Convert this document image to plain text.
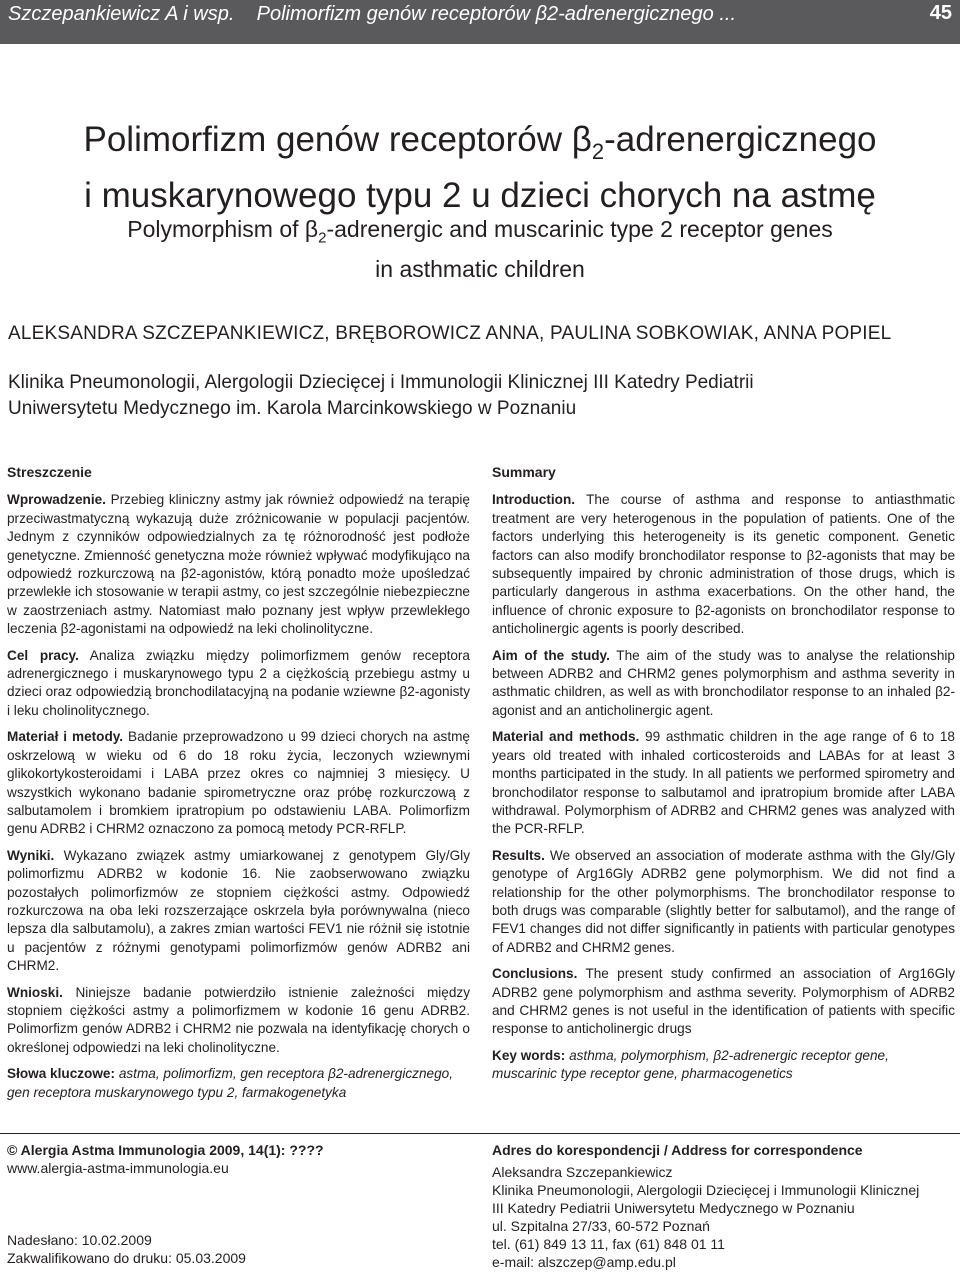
Szczepankiewicz A i wsp.    Polimorfizm genów receptorów β2-adrenergicznego ...	45
Polimorfizm genów receptorów $\beta_2$-adrenergicznego
i muskarynowego typu 2 u dzieci chorych na astmę
Polymorphism of $\beta_2$-adrenergic and muscarinic type 2 receptor genes
in asthmatic children
ALEKSANDRA SZCZEPANKIEWICZ, BRĘBOROWICZ ANNA, PAULINA SOBKOWIAK, ANNA POPIEL
Klinika Pneumonologii, Alergologii Dziecięcej i Immunologii Klinicznej III Katedry Pediatrii
Uniwersytetu Medycznego im. Karola Marcinkowskiego w Poznaniu
Streszczenie

Wprowadzenie. Przebieg kliniczny astmy jak również odpowiedź na terapię przeciwastmatyczną wykazują duże zróżnicowanie w populacji pacjentów. Jednym z czynników odpowiedzialnych za tę różnorodność jest podłoże genetyczne. Zmienność genetyczna może również wpływać modyfikująco na odpowiedź rozkurczową na β2-agonistów, którą ponadto może upośledzać przewlekłe ich stosowanie w terapii astmy, co jest szczególnie niebezpieczne w zaostrzeniach astmy. Natomiast mało poznany jest wpływ przewlekłego leczenia β2-agonistami na odpowiedź na leki cholinolityczne.

Cel pracy. Analiza związku między polimorfizmem genów receptora adrenergicznego i muskarynowego typu 2 a ciężkością przebiegu astmy u dzieci oraz odpowiedzią bronchodilatacyjną na podanie wziewne β2-agonisty i leku cholinolitycznego.

Materiał i metody. Badanie przeprowadzono u 99 dzieci chorych na astmę oskrzelową w wieku od 6 do 18 roku życia, leczonych wziewnymi glikokortykosteroidami i LABA przez okres co najmniej 3 miesięcy. U wszystkich wykonano badanie spirometryczne oraz próbę rozkurczową z salbutamolem i bromkiem ipratropium po odstawieniu LABA. Polimorfizm genu ADRB2 i CHRM2 oznaczono za pomocą metody PCR-RFLP.

Wyniki. Wykazano związek astmy umiarkowanej z genotypem Gly/Gly polimorfizmu ADRB2 w kodonie 16. Nie zaobserwowano związku pozostałych polimorfizmów ze stopniem ciężkości astmy. Odpowiedź rozkurczowa na oba leki rozszerzające oskrzela była porównywalna (nieco lepsza dla salbutamolu), a zakres zmian wartości FEV1 nie różnił się istotnie u pacjentów z różnymi genotypami polimorfizmów genów ADRB2 ani CHRM2.

Wnioski. Niniejsze badanie potwierdziło istnienie zależności między stopniem ciężkości astmy a polimorfizmem w kodonie 16 genu ADRB2. Polimorfizm genów ADRB2 i CHRM2 nie pozwala na identyfikację chorych o określonej odpowiedzi na leki cholinolityczne.

Słowa kluczowe: astma, polimorfizm, gen receptora β2-adrenergicznego, gen receptora muskarynowego typu 2, farmakogenetyka

Summary

Introduction. The course of asthma and response to antiasthmatic treatment are very heterogenous in the population of patients. One of the factors underlying this heterogeneity is its genetic component. Genetic factors can also modify bronchodilator response to β2-agonists that may be subsequently impaired by chronic administration of those drugs, which is particularly dangerous in asthma exacerbations. On the other hand, the influence of chronic exposure to β2-agonists on bronchodilator response to anticholinergic agents is poorly described.

Aim of the study. The aim of the study was to analyse the relationship between ADRB2 and CHRM2 genes polymorphism and asthma severity in asthmatic children, as well as with bronchodilator response to an inhaled β2-agonist and an anticholinergic agent.

Material and methods. 99 asthmatic children in the age range of 6 to 18 years old treated with inhaled corticosteroids and LABAs for at least 3 months participated in the study. In all patients we performed spirometry and bronchodilator response to salbutamol and ipratropium bromide after LABA withdrawal. Polymorphism of ADRB2 and CHRM2 genes was analyzed with the PCR-RFLP.

Results. We observed an association of moderate asthma with the Gly/Gly genotype of Arg16Gly ADRB2 gene polymorphism. We did not find a relationship for the other polymorphisms. The bronchodilator response to both drugs was comparable (slightly better for salbutamol), and the range of FEV1 changes did not differ significantly in patients with particular genotypes of ADRB2 and CHRM2 genes.

Conclusions. The present study confirmed an association of Arg16Gly ADRB2 gene polymorphism and asthma severity. Polymorphism of ADRB2 and CHRM2 genes is not useful in the identification of patients with specific response to anticholinergic drugs

Key words: asthma, polymorphism, β2-adrenergic receptor gene, muscarinic type receptor gene, pharmacogenetics

© Alergia Astma Immunologia 2009, 14(1): ????
www.alergia-astma-immunologia.eu
Nadesłano: 10.02.2009
Zakwalifikowano do druku: 05.03.2009
Adres do korespondencji / Address for correspondence
Aleksandra Szczepankiewicz
Klinika Pneumonologii, Alergologii Dziecięcej i Immunologii Klinicznej
III Katedry Pediatrii Uniwersytetu Medycznego w Poznaniu
ul. Szpitalna 27/33, 60-572 Poznań
tel. (61) 849 13 11, fax (61) 848 01 11
e-mail: alszczep@amp.edu.pl
